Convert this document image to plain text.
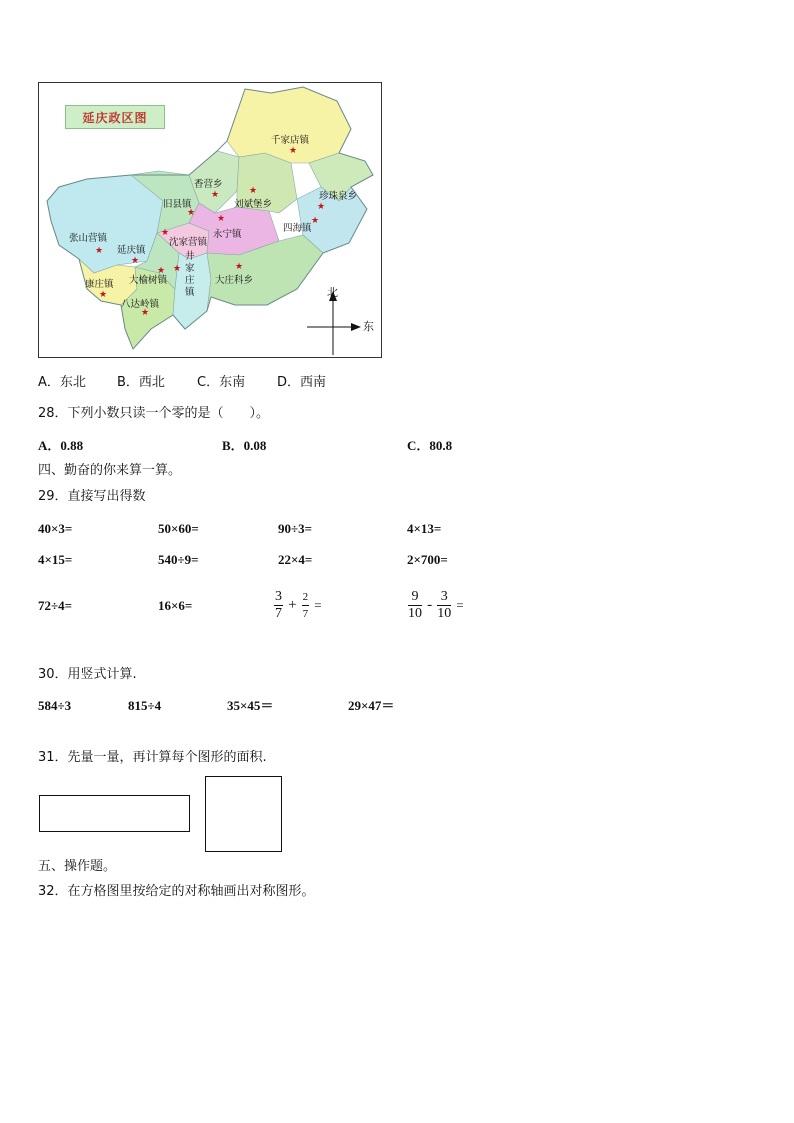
延庆政区图
千家店镇
★
香营乡
★	★
刘斌堡乡
旧县镇
★
珍珠泉乡
★
★
四海镇
★
永宁镇
★
沈家营镇
张山营镇
★ 延庆镇
★	井
家
★
庄
镇
★
大榆树镇
★
大庄科乡
康庄镇
★
八达岭镇
★
北
东
A．东北 B．西北 C．东南 D．西南
28．下列小数只读一个零的是（　　）。
A．0.88	B．0.08	C．80.8
四、勤奋的你来算一算。
29．直接写出得数
40×3=	50×60=	90÷3=	4×13=
4×15=	540÷9=	22×4=	2×700=
72÷4=	16×6=	$\frac{3}{7} + \frac{2}{7}$ =	$\frac{9}{10} - \frac{3}{10}$ =
30．用竖式计算.
584÷3	815÷4	35×45＝	29×47＝
31．先量一量，再计算每个图形的面积.
五、操作题。
32．在方格图里按给定的对称轴画出对称图形。
